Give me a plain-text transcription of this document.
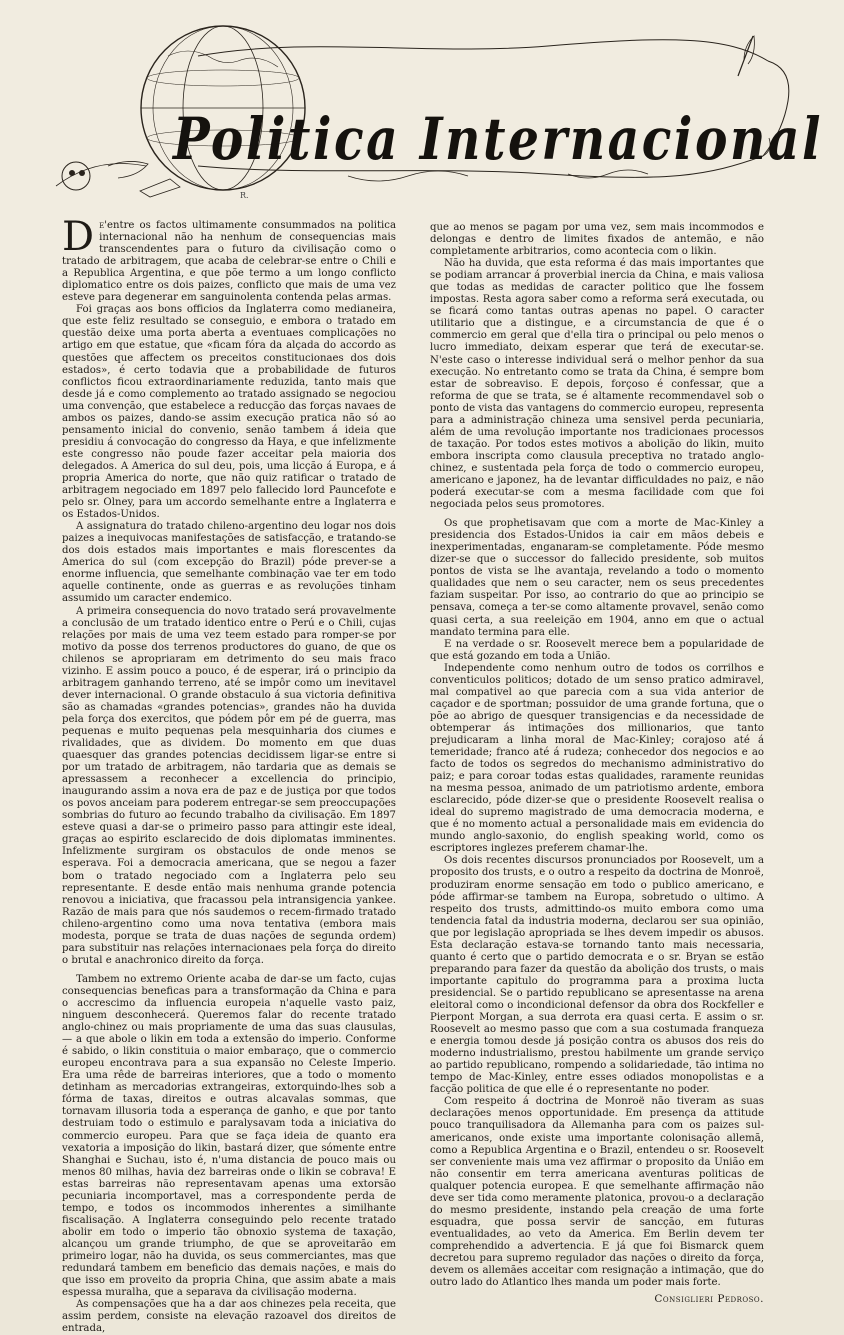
Politica Internacional
R.

De'entre os factos ultimamente consummados na politica internacional não ha nenhum de consequencias mais transcendentes para o futuro da civilisação como o tratado de arbitragem, que acaba de celebrar-se entre o Chili e a Republica Argentina, e que põe termo a um longo conflicto diplomatico entre os dois paizes, conflicto que mais de uma vez esteve para degenerar em sanguinolenta contenda pelas armas.

Foi graças aos bons officios da Inglaterra como medianeira, que este feliz resultado se conseguio, e embora o tratado em questão deixe uma porta aberta a eventuaes complicações no artigo em que estatue, que «ficam fóra da alçada do accordo as questões que affectem os preceitos constitucionaes dos dois estados», é certo todavia que a probabilidade de futuros conflictos ficou extraordinariamente reduzida, tanto mais que desde já e como complemento ao tratado assignado se negociou uma convenção, que estabelece a reducção das forças navaes de ambos os paizes, dando-se assim execução pratica não só ao pensamento inicial do convenio, senão tambem á ideia que presidiu á convocação do congresso da Haya, e que infelizmente este congresso não poude fazer acceitar pela maioria dos delegados. A America do sul deu, pois, uma licção á Europa, e á propria America do norte, que não quiz ratificar o tratado de arbitragem negociado em 1897 pelo fallecido lord Pauncefote e pelo sr. Olney, para um accordo semelhante entre a Inglaterra e os Estados-Unidos.

A assignatura do tratado chileno-argentino deu logar nos dois paizes a inequivocas manifestações de satisfacção, e tratando-se dos dois estados mais importantes e mais florescentes da America do sul (com excepção do Brazil) póde prever-se a enorme influencia, que semelhante combinação vae ter em todo aquelle continente, onde as guerras e as revoluções tinham assumido um caracter endemico.

A primeira consequencia do novo tratado será provavelmente a conclusão de um tratado identico entre o Perú e o Chili, cujas relações por mais de uma vez teem estado para romper-se por motivo da posse dos terrenos productores do guano, de que os chilenos se apropriaram em detrimento do seu mais fraco vizinho. E assim pouco a pouco, é de esperar, irá o principio da arbitragem ganhando terreno, até se impôr como um inevitavel dever internacional. O grande obstaculo á sua victoria definitiva são as chamadas «grandes potencias», grandes não ha duvida pela força dos exercitos, que pódem pôr em pé de guerra, mas pequenas e muito pequenas pela mesquinharia dos ciumes e rivalidades, que as dividem. Do momento em que duas quaesquer das grandes potencias decidissem ligar-se entre si por um tratado de arbitragem, não tardaria que as demais se apressassem a reconhecer a excellencia do principio, inaugurando assim a nova era de paz e de justiça por que todos os povos anceiam para poderem entregar-se sem preoccupações sombrias do futuro ao fecundo trabalho da civilisação. Em 1897 esteve quasi a dar-se o primeiro passo para attingir este ideal, graças ao espirito esclarecido de dois diplomatas imminentes. Infelizmente surgiram os obstaculos de onde menos se esperava. Foi a democracia americana, que se negou a fazer bom o tratado negociado com a Inglaterra pelo seu representante. E desde então mais nenhuma grande potencia renovou a iniciativa, que fracassou pela intransigencia yankee. Razão de mais para que nós saudemos o recem-firmado tratado chileno-argentino como uma nova tentativa (embora mais modesta, porque se trata de duas nações de segunda ordem) para substituir nas relações internacionaes pela força do direito o brutal e anachronico direito da força.

Tambem no extremo Oriente acaba de dar-se um facto, cujas consequencias beneficas para a transformação da China e para o accrescimo da influencia europeia n'aquelle vasto paiz, ninguem desconhecerá. Queremos falar do recente tratado anglo-chinez ou mais propriamente de uma das suas clausulas, — a que abole o likin em toda a extensão do imperio. Conforme é sabido, o likin constituia o maior embaraço, que o commercio europeu encontrava para a sua expansão no Celeste Imperio. Era uma rêde de barreiras interiores, que a todo o momento detinham as mercadorias extrangeiras, extorquindo-lhes sob a fórma de taxas, direitos e outras alcavalas sommas, que tornavam illusoria toda a esperança de ganho, e que por tanto destruiam todo o estimulo e paralysavam toda a iniciativa do commercio europeu. Para que se faça ideia de quanto era vexatoria a imposição do likin, bastará dizer, que sómente entre Shanghai e Suchau, isto é, n'uma distancia de pouco mais ou menos 80 milhas, havia dez barreiras onde o likin se cobrava! E estas barreiras não representavam apenas uma extorsão pecuniaria incomportavel, mas a correspondente perda de tempo, e todos os incommodos inherentes a similhante fiscalisação. A Inglaterra conseguindo pelo recente tratado abolir em todo o imperio tão obnoxio systema de taxação, alcançou um grande triumpho, de que se aproveitarão em primeiro logar, não ha duvida, os seus commerciantes, mas que redundará tambem em beneficio das demais nações, e mais do que isso em proveito da propria China, que assim abate a mais espessa muralha, que a separava da civilisação moderna.

As compensações que ha a dar aos chinezes pela receita, que assim perdem, consiste na elevação razoavel dos direitos de entrada,

que ao menos se pagam por uma vez, sem mais incommodos e delongas e dentro de limites fixados de antemão, e não completamente arbitrarios, como acontecia com o likin.

Não ha duvida, que esta reforma é das mais importantes que se podiam arrancar á proverbial inercia da China, e mais valiosa que todas as medidas de caracter politico que lhe fossem impostas. Resta agora saber como a reforma será executada, ou se ficará como tantas outras apenas no papel. O caracter utilitario que a distingue, e a circumstancia de que é o commercio em geral que d'ella tira o principal ou pelo menos o lucro immediato, deixam esperar que terá de executar-se. N'este caso o interesse individual será o melhor penhor da sua execução. No entretanto como se trata da China, é sempre bom estar de sobreaviso. E depois, forçoso é confessar, que a reforma de que se trata, se é altamente recommendavel sob o ponto de vista das vantagens do commercio europeu, representa para a administração chineza uma sensivel perda pecuniaria, além de uma revolução importante nos tradicionaes processos de taxação. Por todos estes motivos a abolição do likin, muito embora inscripta como clausula preceptiva no tratado anglo-chinez, e sustentada pela força de todo o commercio europeu, americano e japonez, ha de levantar difficuldades no paiz, e não poderá executar-se com a mesma facilidade com que foi negociada pelos seus promotores.

Os que prophetisavam que com a morte de Mac-Kinley a presidencia dos Estados-Unidos ia cair em mãos debeis e inexperimentadas, enganaram-se completamente. Póde mesmo dizer-se que o successor do fallecido presidente, sob muitos pontos de vista se lhe avantaja, revelando a todo o momento qualidades que nem o seu caracter, nem os seus precedentes faziam suspeitar. Por isso, ao contrario do que ao principio se pensava, começa a ter-se como altamente provavel, senão como quasi certa, a sua reeleição em 1904, anno em que o actual mandato termina para elle.

E na verdade o sr. Roosevelt merece bem a popularidade de que está gozando em toda a União.

Independente como nenhum outro de todos os corrilhos e conventiculos politicos; dotado de um senso pratico admiravel, mal compativel ao que parecia com a sua vida anterior de caçador e de sportman; possuidor de uma grande fortuna, que o põe ao abrigo de quesquer transigencias e da necessidade de obtemperar ás intimações dos millionarios, que tanto prejudicaram a linha moral de Mac-Kinley; corajoso até á temeridade; franco até á rudeza; conhecedor dos negocios e ao facto de todos os segredos do mechanismo administrativo do paiz; e para coroar todas estas qualidades, raramente reunidas na mesma pessoa, animado de um patriotismo ardente, embora esclarecido, póde dizer-se que o presidente Roosevelt realisa o ideal do supremo magistrado de uma democracia moderna, e que é no momento actual a personalidade mais em evidencia do mundo anglo-saxonio, do english speaking world, como os escriptores inglezes preferem chamar-lhe.

Os dois recentes discursos pronunciados por Roosevelt, um a proposito dos trusts, e o outro a respeito da doctrina de Monroë, produziram enorme sensação em todo o publico americano, e póde affirmar-se tambem na Europa, sobretudo o ultimo. A respeito dos trusts, admittindo-os muito embora como uma tendencia fatal da industria moderna, declarou ser sua opinião, que por legislação apropriada se lhes devem impedir os abusos. Esta declaração estava-se tornando tanto mais necessaria, quanto é certo que o partido democrata e o sr. Bryan se estão preparando para fazer da questão da abolição dos trusts, o mais importante capitulo do programma para a proxima lucta presidencial. Se o partido republicano se apresentasse na arena eleitoral como o incondicional defensor da obra dos Rockfeller e Pierpont Morgan, a sua derrota era quasi certa. E assim o sr. Roosevelt ao mesmo passo que com a sua costumada franqueza e energia tomou desde já posição contra os abusos dos reis do moderno industrialismo, prestou habilmente um grande serviço ao partido republicano, rompendo a solidariedade, tão intima no tempo de Mac-Kinley, entre esses odiados monopolistas e a facção politica de que elle é o representante no poder.

Com respeito á doctrina de Monroë não tiveram as suas declarações menos opportunidade. Em presença da attitude pouco tranquilisadora da Allemanha para com os paizes sul-americanos, onde existe uma importante colonisação allemã, como a Republica Argentina e o Brazil, entendeu o sr. Roosevelt ser conveniente mais uma vez affirmar o proposito da União em não consentir em terra americana aventuras politicas de qualquer potencia europea. E que semelhante affirmação não deve ser tida como meramente platonica, provou-o a declaração do mesmo presidente, instando pela creação de uma forte esquadra, que possa servir de sancção, em futuras eventualidades, ao veto da America. Em Berlin devem ter comprehendido a advertencia. E já que foi Bismarck quem decretou para supremo regulador das nações o direito da força, devem os allemães acceitar com resignação a intimação, que do outro lado do Atlantico lhes manda um poder mais forte.

Consiglieri Pedroso.
